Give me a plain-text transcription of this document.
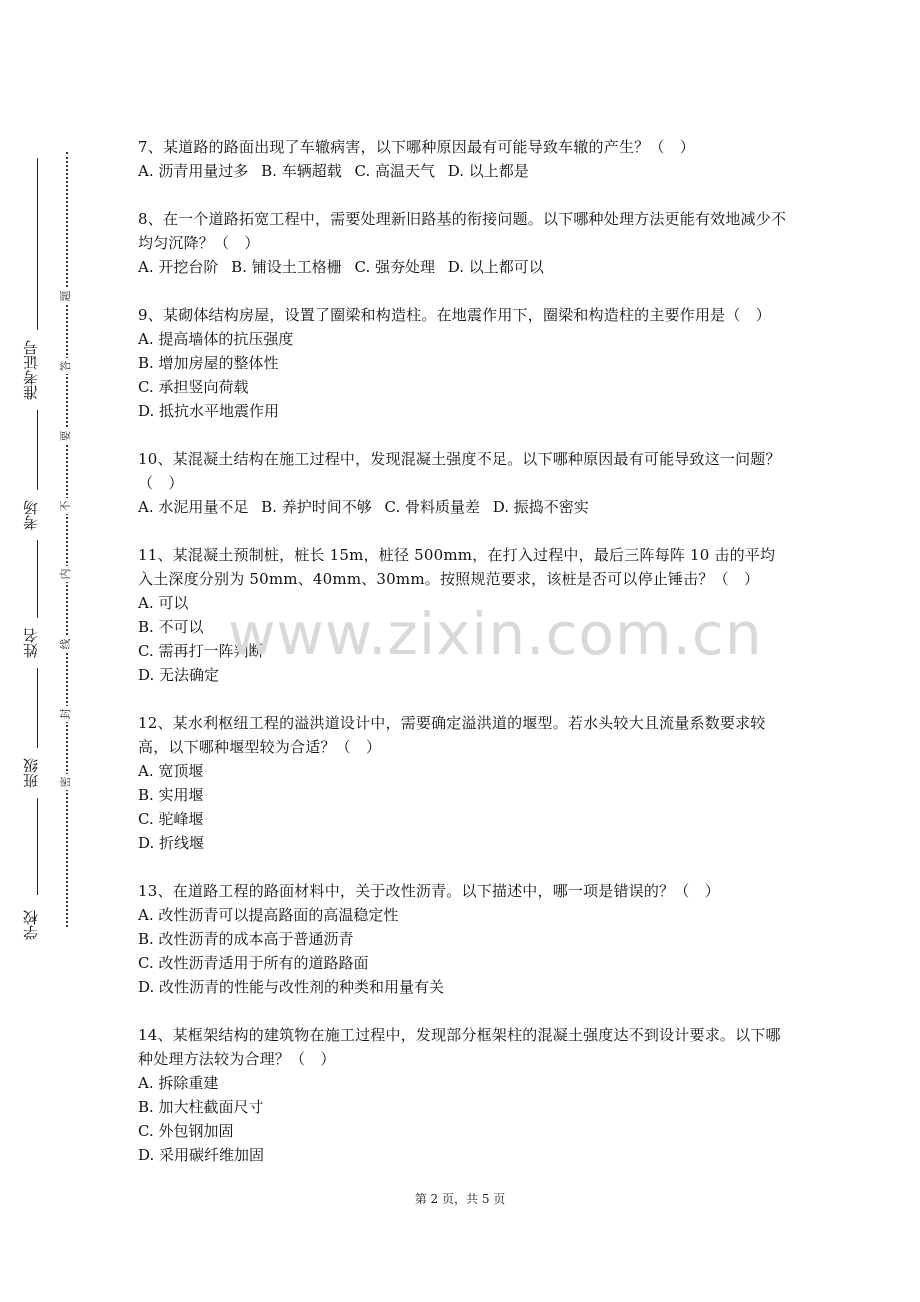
学校
班级
姓名
考场
准考证号
密
封
线
内
不
要
答
题
7、某道路的路面出现了车辙病害，以下哪种原因最有可能导致车辙的产生？（　）
A. 沥青用量过多 B. 车辆超载 C. 高温天气 D. 以上都是
8、在一个道路拓宽工程中，需要处理新旧路基的衔接问题。以下哪种处理方法更能有效地减少不均匀沉降？（　）
A. 开挖台阶 B. 铺设土工格栅 C. 强夯处理 D. 以上都可以
9、某砌体结构房屋，设置了圈梁和构造柱。在地震作用下，圈梁和构造柱的主要作用是（　）
A. 提高墙体的抗压强度
B. 增加房屋的整体性
C. 承担竖向荷载
D. 抵抗水平地震作用
10、某混凝土结构在施工过程中，发现混凝土强度不足。以下哪种原因最有可能导致这一问题？（　）
A. 水泥用量不足 B. 养护时间不够 C. 骨料质量差 D. 振捣不密实
11、某混凝土预制桩，桩长 15m，桩径 500mm，在打入过程中，最后三阵每阵 10 击的平均入土深度分别为 50mm、40mm、30mm。按照规范要求，该桩是否可以停止锤击？（　）
A. 可以
B. 不可以
C. 需再打一阵判断
D. 无法确定
12、某水利枢纽工程的溢洪道设计中，需要确定溢洪道的堰型。若水头较大且流量系数要求较高，以下哪种堰型较为合适？（　）
A. 宽顶堰
B. 实用堰
C. 驼峰堰
D. 折线堰
13、在道路工程的路面材料中，关于改性沥青。以下描述中，哪一项是错误的？（　）
A. 改性沥青可以提高路面的高温稳定性
B. 改性沥青的成本高于普通沥青
C. 改性沥青适用于所有的道路路面
D. 改性沥青的性能与改性剂的种类和用量有关
14、某框架结构的建筑物在施工过程中，发现部分框架柱的混凝土强度达不到设计要求。以下哪种处理方法较为合理？（　）
A. 拆除重建
B. 加大柱截面尺寸
C. 外包钢加固
D. 采用碳纤维加固
www.zixin.com.cn
第 2 页，共 5 页
